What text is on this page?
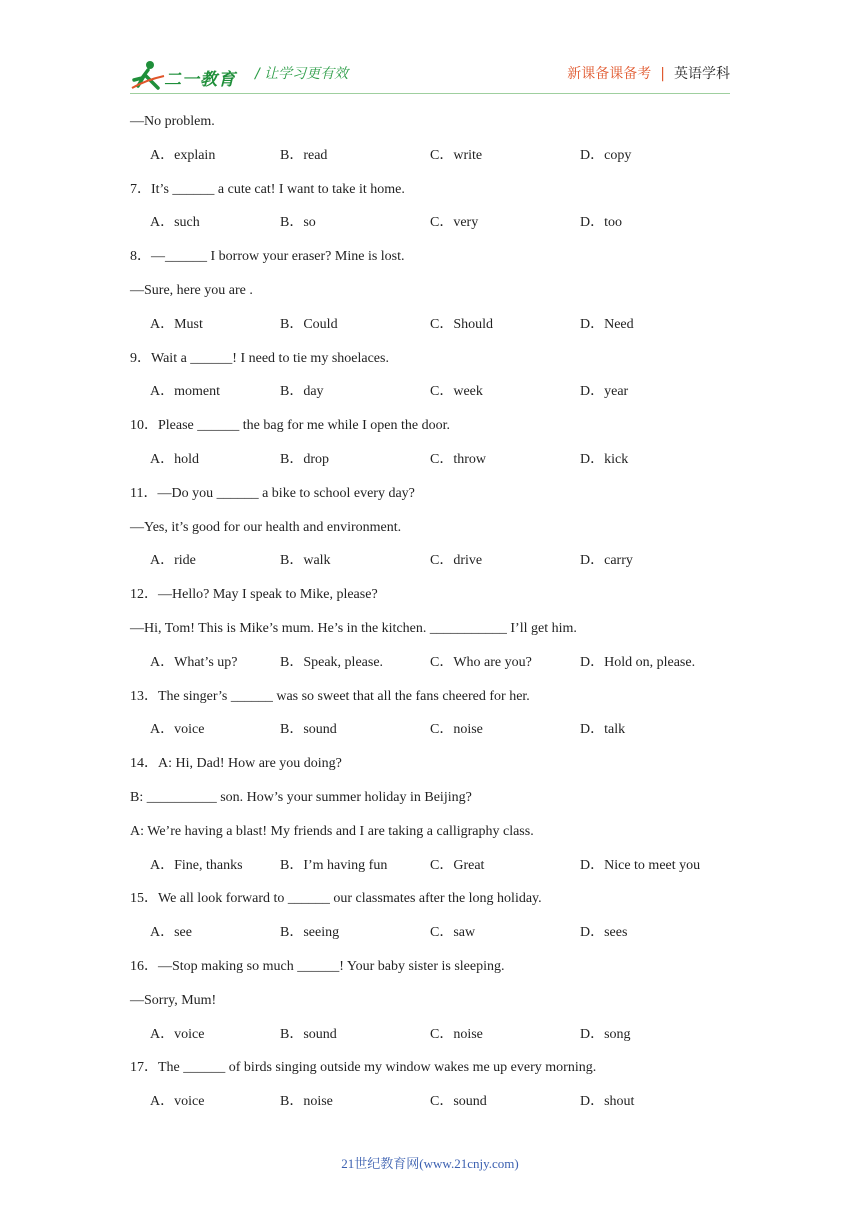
二一教育 / 让学习更有效	新课备课备考 | 英语学科
—No problem.
A．explain	B．read	C．write	D．copy
7．It’s ______ a cute cat! I want to take it home.
A．such	B．so	C．very	D．too
8．—______ I borrow your eraser? Mine is lost.
—Sure, here you are .
A．Must	B．Could	C．Should	D．Need
9．Wait a ______! I need to tie my shoelaces.
A．moment	B．day	C．week	D．year
10．Please ______ the bag for me while I open the door.
A．hold	B．drop	C．throw	D．kick
11．—Do you ______ a bike to school every day?
—Yes, it’s good for our health and environment.
A．ride	B．walk	C．drive	D．carry
12．—Hello? May I speak to Mike, please?
—Hi, Tom! This is Mike’s mum. He’s in the kitchen. ___________ I’ll get him.
A．What’s up?	B．Speak, please.	C．Who are you?	D．Hold on, please.
13．The singer’s ______ was so sweet that all the fans cheered for her.
A．voice	B．sound	C．noise	D．talk
14．A: Hi, Dad! How are you doing?
B: __________ son. How’s your summer holiday in Beijing?
A: We’re having a blast! My friends and I are taking a calligraphy class.
A．Fine, thanks	B．I’m having fun	C．Great	D．Nice to meet you
15．We all look forward to ______ our classmates after the long holiday.
A．see	B．seeing	C．saw	D．sees
16．—Stop making so much ______! Your baby sister is sleeping.
—Sorry, Mum!
A．voice	B．sound	C．noise	D．song
17．The ______ of birds singing outside my window wakes me up every morning.
A．voice	B．noise	C．sound	D．shout
21世纪教育网(www.21cnjy.com)
